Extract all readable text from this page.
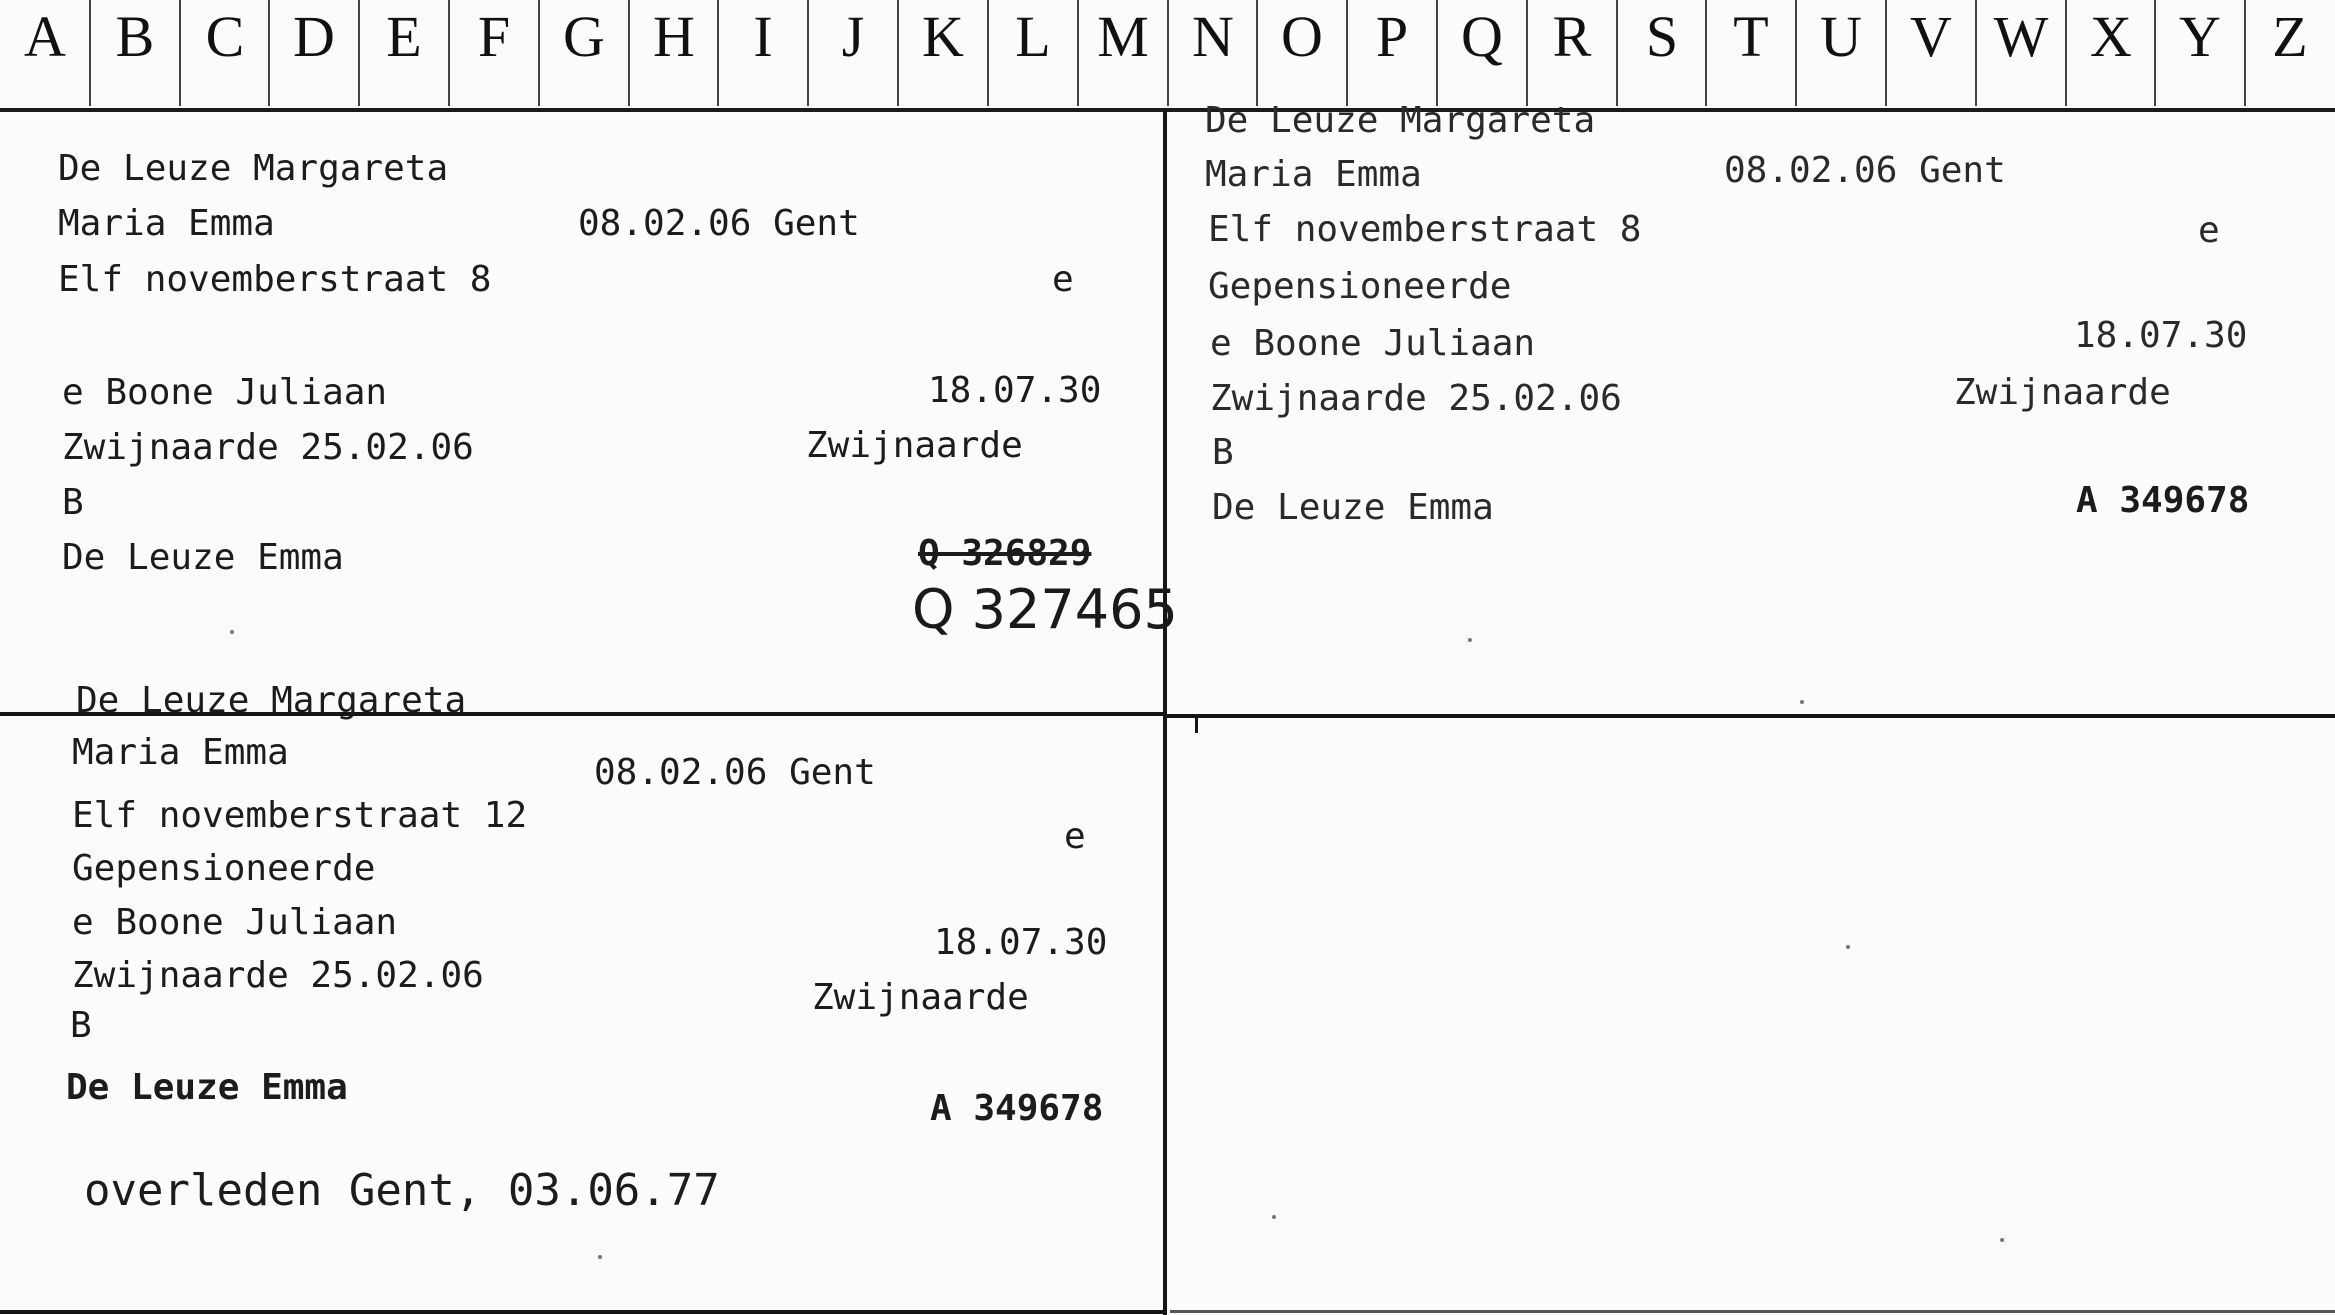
A B C D E F G H	I	J K L M N O P Q R S T U V W X Y Z
De Leuze Margareta
Maria Emma	08.02.06 Gent
Elf novemberstraat 8	e
e Boone Juliaan	18.07.30
Zwijnaarde 25.02.06	Zwijnaarde
B
De Leuze Emma	Q 326829
Q 327465
De Leuze Margareta
Maria Emma	08.02.06 Gent
Elf novemberstraat 8	e
Gepensioneerde
e Boone Juliaan	18.07.30
Zwijnaarde 25.02.06	Zwijnaarde
B
De Leuze Emma	A 349678
De Leuze Margareta
Maria Emma	08.02.06 Gent
Elf novemberstraat 12
e
Gepensioneerde
e Boone Juliaan	18.07.30
Zwijnaarde 25.02.06
Zwijnaarde
B
De Leuze Emma
A 349678
overleden Gent, 03.06.77
